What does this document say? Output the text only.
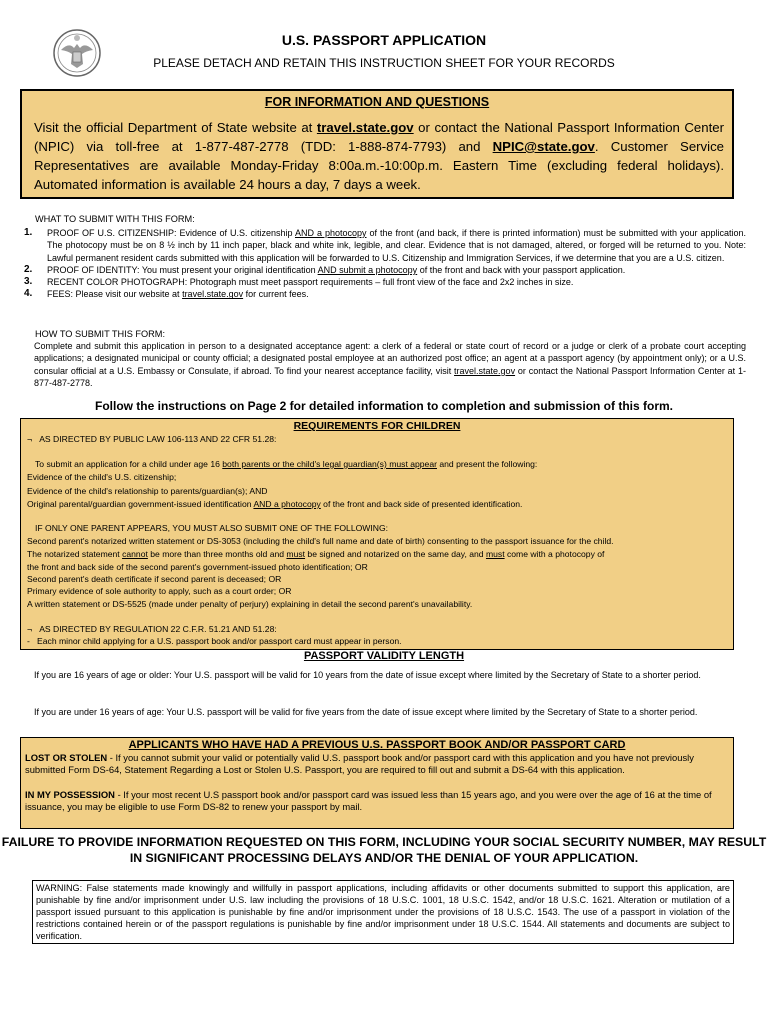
U.S. PASSPORT APPLICATION
PLEASE DETACH AND RETAIN THIS INSTRUCTION SHEET FOR YOUR RECORDS
FOR INFORMATION AND QUESTIONS
Visit the official Department of State website at travel.state.gov or contact the National Passport Information Center (NPIC) via toll-free at 1-877-487-2778 (TDD: 1-888-874-7793) and NPIC@state.gov. Customer Service Representatives are available Monday-Friday 8:00a.m.-10:00p.m. Eastern Time (excluding federal holidays). Automated information is available 24 hours a day, 7 days a week.
WHAT TO SUBMIT WITH THIS FORM:
1.	PROOF OF U.S. CITIZENSHIP: Evidence of U.S. citizenship AND a photocopy of the front (and back, if there is printed information) must be submitted with your application. The photocopy must be on 8 ½ inch by 11 inch paper, black and white ink, legible, and clear. Evidence that is not damaged, altered, or forged will be returned to you. Note: Lawful permanent resident cards submitted with this application will be forwarded to U.S. Citizenship and Immigration Services, if we determine that you are a U.S. citizen.
2.	PROOF OF IDENTITY: You must present your original identification AND submit a photocopy of the front and back with your passport application.
3.	RECENT COLOR PHOTOGRAPH: Photograph must meet passport requirements – full front view of the face and 2x2 inches in size.
4.	FEES: Please visit our website at travel.state.gov for current fees.
HOW TO SUBMIT THIS FORM:
Complete and submit this application in person to a designated acceptance agent: a clerk of a federal or state court of record or a judge or clerk of a probate court accepting applications; a designated municipal or county official; a designated postal employee at an authorized post office; an agent at a passport agency (by appointment only); or a U.S. consular official at a U.S. Embassy or Consulate, if abroad. To find your nearest acceptance facility, visit travel.state.gov or contact the National Passport Information Center at 1-877-487-2778.
Follow the instructions on Page 2 for detailed information to completion and submission of this form.
REQUIREMENTS FOR CHILDREN
¬ AS DIRECTED BY PUBLIC LAW 106-113 AND 22 CFR 51.28:
To submit an application for a child under age 16 both parents or the child's legal guardian(s) must appear and present the following:
Evidence of the child's U.S. citizenship;
Evidence of the child's relationship to parents/guardian(s); AND
Original parental/guardian government-issued identification AND a photocopy of the front and back side of presented identification.
IF ONLY ONE PARENT APPEARS, YOU MUST ALSO SUBMIT ONE OF THE FOLLOWING:
Second parent's notarized written statement or DS-3053 (including the child's full name and date of birth) consenting to the passport issuance for the child.
The notarized statement cannot be more than three months old and must be signed and notarized on the same day, and must come with a photocopy of
the front and back side of the second parent's government-issued photo identification; OR
Second parent's death certificate if second parent is deceased; OR
Primary evidence of sole authority to apply, such as a court order; OR
A written statement or DS-5525 (made under penalty of perjury) explaining in detail the second parent's unavailability.
¬ AS DIRECTED BY REGULATION 22 C.F.R. 51.21 AND 51.28:
- Each minor child applying for a U.S. passport book and/or passport card must appear in person.
PASSPORT VALIDITY LENGTH
If you are 16 years of age or older: Your U.S. passport will be valid for 10 years from the date of issue except where limited by the Secretary of State to a shorter period.
If you are under 16 years of age: Your U.S. passport will be valid for five years from the date of issue except where limited by the Secretary of State to a shorter period.
APPLICANTS WHO HAVE HAD A PREVIOUS U.S. PASSPORT BOOK AND/OR PASSPORT CARD
LOST OR STOLEN - If you cannot submit your valid or potentially valid U.S. passport book and/or passport card with this application and you have not previously submitted Form DS-64, Statement Regarding a Lost or Stolen U.S. Passport, you are required to fill out and submit a DS-64 with this application.
IN MY POSSESSION - If your most recent U.S passport book and/or passport card was issued less than 15 years ago, and you were over the age of 16 at the time of issuance, you may be eligible to use Form DS-82 to renew your passport by mail.
FAILURE TO PROVIDE INFORMATION REQUESTED ON THIS FORM, INCLUDING YOUR SOCIAL SECURITY NUMBER, MAY RESULT IN SIGNIFICANT PROCESSING DELAYS AND/OR THE DENIAL OF YOUR APPLICATION.
WARNING: False statements made knowingly and willfully in passport applications, including affidavits or other documents submitted to support this application, are punishable by fine and/or imprisonment under U.S. law including the provisions of 18 U.S.C. 1001, 18 U.S.C. 1542, and/or 18 U.S.C. 1621. Alteration or mutilation of a passport issued pursuant to this application is punishable by fine and/or imprisonment under the provisions of 18 U.S.C. 1543. The use of a passport in violation of the restrictions contained herein or of the passport regulations is punishable by fine and/or imprisonment under 18 U.S.C. 1544. All statements and documents are subject to verification.
